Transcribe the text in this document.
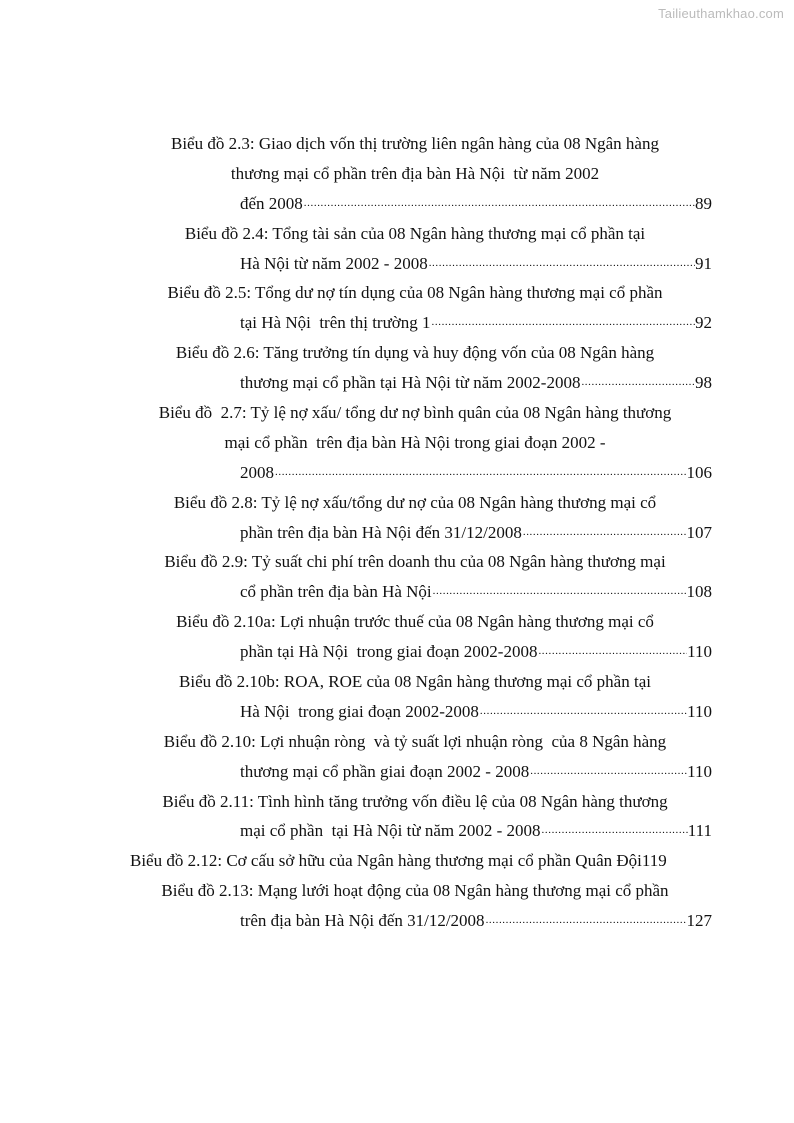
Tailieuthamkhao.com
Biểu đồ 2.3: Giao dịch vốn thị trường liên ngân hàng của 08 Ngân hàng
thương mại cổ phần trên địa bàn Hà Nội  từ năm 2002
đến 2008 .....	89
Biểu đồ 2.4: Tổng tài sản của 08 Ngân hàng thương mại cổ phần tại
Hà Nội từ năm 2002 - 2008 .....	91
Biểu đồ 2.5: Tổng dư nợ tín dụng của 08 Ngân hàng thương mại cổ phần
tại Hà Nội  trên thị trường 1 .....	92
Biểu đồ 2.6: Tăng trưởng tín dụng và huy động vốn của 08 Ngân hàng
thương mại cổ phần tại Hà Nội từ năm 2002-2008 .....	98
Biểu đồ  2.7: Tỷ lệ nợ xấu/ tổng dư nợ bình quân của 08 Ngân hàng thương
mại cổ phần  trên địa bàn Hà Nội trong giai đoạn 2002 -
2008 .....	106
Biểu đồ 2.8: Tỷ lệ nợ xấu/tổng dư nợ của 08 Ngân hàng thương mại cổ
phần trên địa bàn Hà Nội đến 31/12/2008 .....	107
Biểu đồ 2.9: Tỷ suất chi phí trên doanh thu của 08 Ngân hàng thương mại
cổ phần trên địa bàn Hà Nội .....	108
Biểu đồ 2.10a: Lợi nhuận trước thuế của 08 Ngân hàng thương mại cổ
phần tại Hà Nội  trong giai đoạn 2002-2008 .....	110
Biểu đồ 2.10b: ROA, ROE của 08 Ngân hàng thương mại cổ phần tại
Hà Nội  trong giai đoạn 2002-2008 .....	110
Biểu đồ 2.10: Lợi nhuận ròng  và tỷ suất lợi nhuận ròng  của 8 Ngân hàng
thương mại cổ phần giai đoạn 2002 - 2008 .....	110
Biểu đồ 2.11: Tình hình tăng trưởng vốn điều lệ của 08 Ngân hàng thương
mại cổ phần  tại Hà Nội từ năm 2002 - 2008 .....	111
Biểu đồ 2.12: Cơ cấu sở hữu của Ngân hàng thương mại cổ phần Quân Đội 119
Biểu đồ 2.13: Mạng lưới hoạt động của 08 Ngân hàng thương mại cổ phần
trên địa bàn Hà Nội đến 31/12/2008 .....	127
